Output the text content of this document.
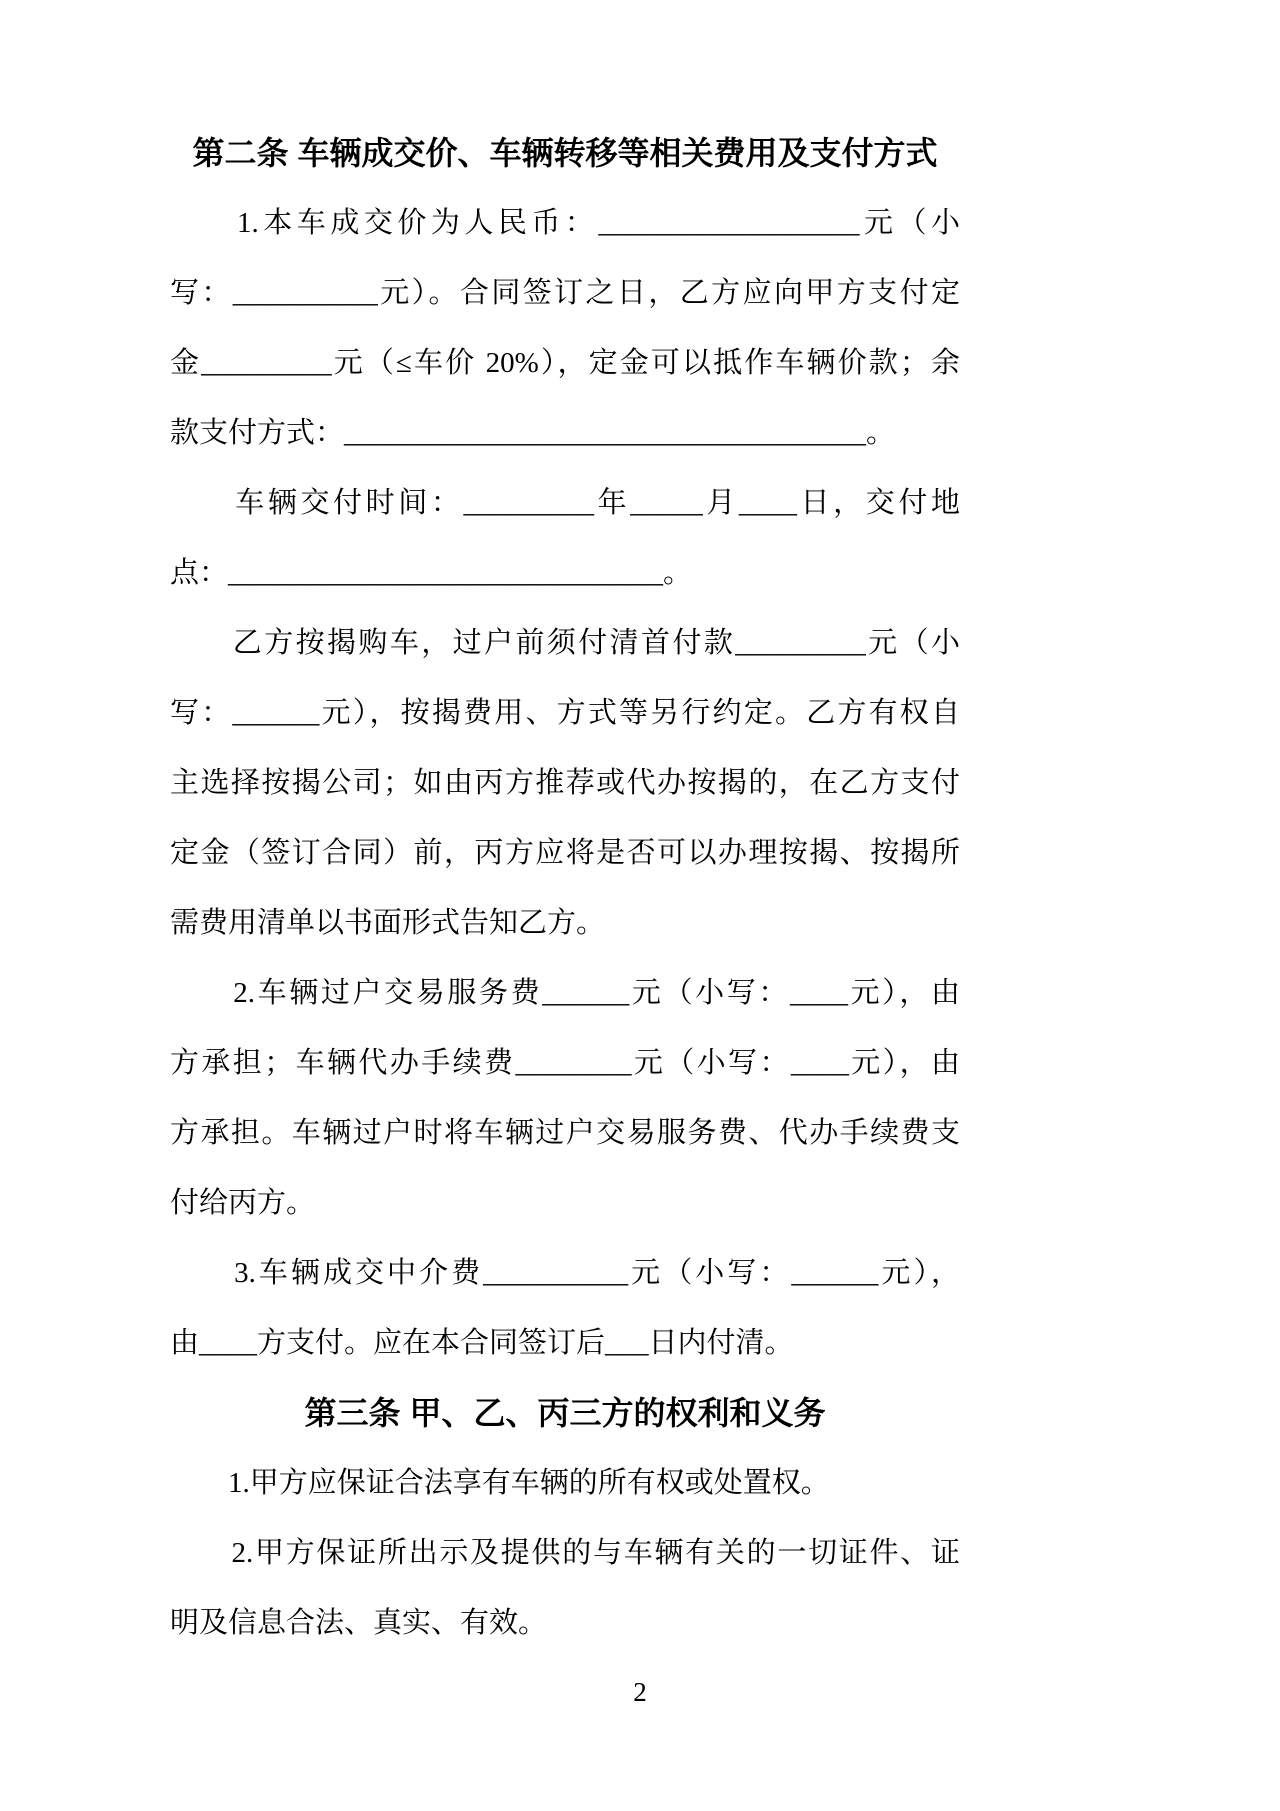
第二条 车辆成交价、车辆转移等相关费用及支付方式
　　1.本车成交价为人民币：__________________元（小
写：__________元）。合同签订之日，乙方应向甲方支付定
金_________元（≤车价 20%），定金可以抵作车辆价款；余
款支付方式：____________________________________。
　　车辆交付时间：_________年_____月____日，交付地
点：______________________________。
　　乙方按揭购车，过户前须付清首付款_________元（小
写：______元），按揭费用、方式等另行约定。乙方有权自
主选择按揭公司；如由丙方推荐或代办按揭的，在乙方支付
定金（签订合同）前，丙方应将是否可以办理按揭、按揭所
需费用清单以书面形式告知乙方。
　　2.车辆过户交易服务费______元（小写：____元），由
方承担；车辆代办手续费________元（小写：____元），由
方承担。车辆过户时将车辆过户交易服务费、代办手续费支
付给丙方。
　　3.车辆成交中介费__________元（小写：______元），
由____方支付。应在本合同签订后___日内付清。
第三条 甲、乙、丙三方的权利和义务
　　1.甲方应保证合法享有车辆的所有权或处置权。
　　2.甲方保证所出示及提供的与车辆有关的一切证件、证
明及信息合法、真实、有效。
2
